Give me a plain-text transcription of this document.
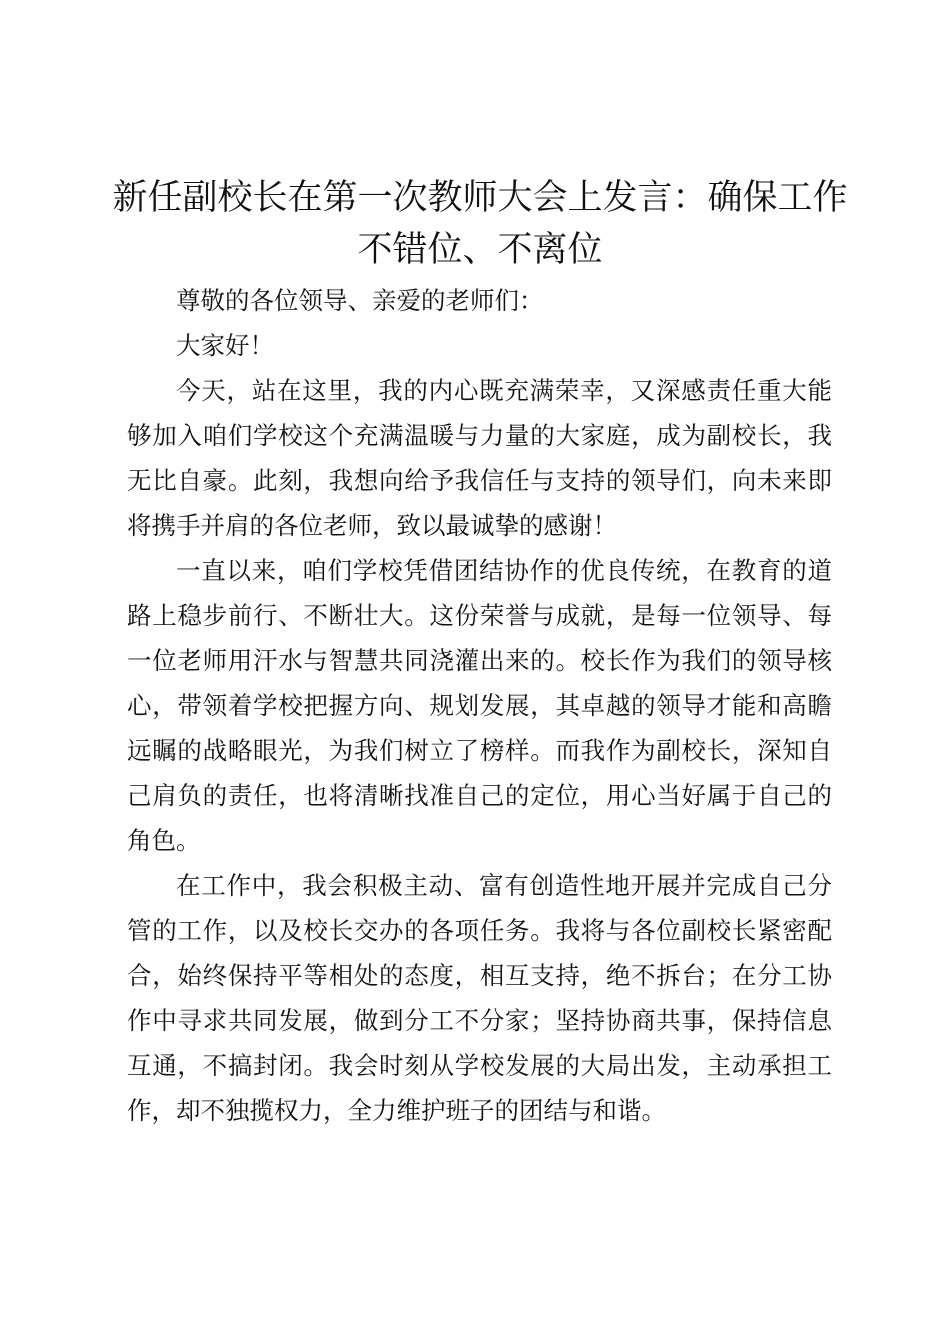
新任副校长在第一次教师大会上发言：确保工作不错位、不离位

尊敬的各位领导、亲爱的老师们：

大家好！

今天，站在这里，我的内心既充满荣幸，又深感责任重大能够加入咱们学校这个充满温暖与力量的大家庭，成为副校长，我无比自豪。此刻，我想向给予我信任与支持的领导们，向未来即将携手并肩的各位老师，致以最诚挚的感谢！

一直以来，咱们学校凭借团结协作的优良传统，在教育的道路上稳步前行、不断壮大。这份荣誉与成就，是每一位领导、每一位老师用汗水与智慧共同浇灌出来的。校长作为我们的领导核心，带领着学校把握方向、规划发展，其卓越的领导才能和高瞻远瞩的战略眼光，为我们树立了榜样。而我作为副校长，深知自己肩负的责任，也将清晰找准自己的定位，用心当好属于自己的角色。

在工作中，我会积极主动、富有创造性地开展并完成自己分管的工作，以及校长交办的各项任务。我将与各位副校长紧密配合，始终保持平等相处的态度，相互支持，绝不拆台；在分工协作中寻求共同发展，做到分工不分家；坚持协商共事，保持信息互通，不搞封闭。我会时刻从学校发展的大局出发，主动承担工作，却不独揽权力，全力维护班子的团结与和谐。
